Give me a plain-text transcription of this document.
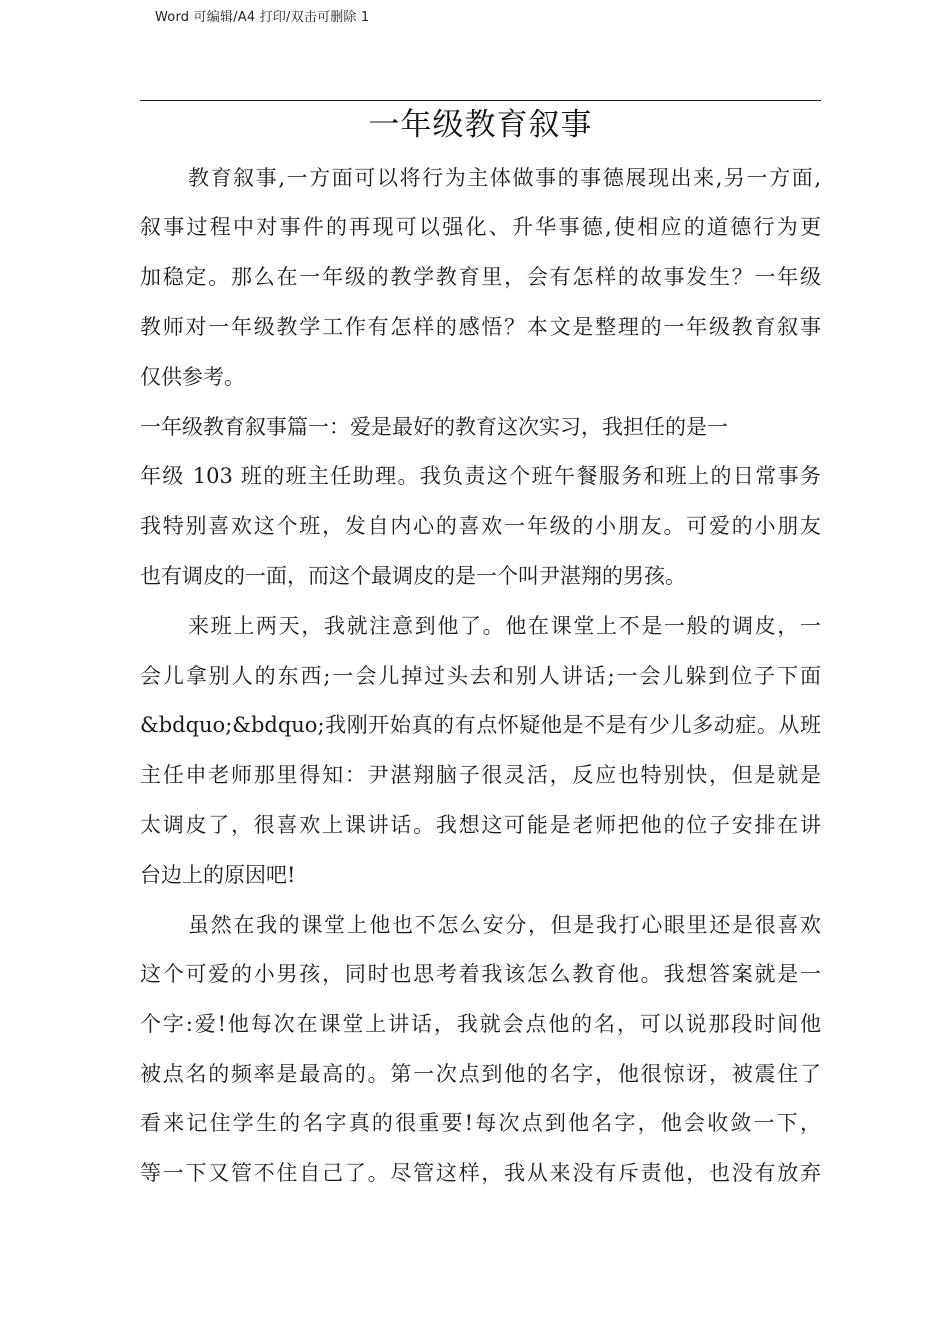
Word 可编辑/A4 打印/双击可删除 1
一年级教育叙事
教育叙事,一方面可以将行为主体做事的事德展现出来,另一方面,
叙事过程中对事件的再现可以强化、升华事德,使相应的道德行为更
加稳定。那么在一年级的教学教育里，会有怎样的故事发生？一年级
教师对一年级教学工作有怎样的感悟？本文是整理的一年级教育叙事
仅供参考。
一年级教育叙事篇一：爱是最好的教育这次实习，我担任的是一
年级 103 班的班主任助理。我负责这个班午餐服务和班上的日常事务
我特别喜欢这个班，发自内心的喜欢一年级的小朋友。可爱的小朋友
也有调皮的一面，而这个最调皮的是一个叫尹湛翔的男孩。
来班上两天，我就注意到他了。他在课堂上不是一般的调皮，一
会儿拿别人的东西;一会儿掉过头去和别人讲话;一会儿躲到位子下面
&bdquo;&bdquo;我刚开始真的有点怀疑他是不是有少儿多动症。从班
主任申老师那里得知：尹湛翔脑子很灵活，反应也特别快，但是就是
太调皮了，很喜欢上课讲话。我想这可能是老师把他的位子安排在讲
台边上的原因吧!
虽然在我的课堂上他也不怎么安分，但是我打心眼里还是很喜欢
这个可爱的小男孩，同时也思考着我该怎么教育他。我想答案就是一
个字:爱!他每次在课堂上讲话，我就会点他的名，可以说那段时间他
被点名的频率是最高的。第一次点到他的名字，他很惊讶，被震住了
看来记住学生的名字真的很重要!每次点到他名字，他会收敛一下，
等一下又管不住自己了。尽管这样，我从来没有斥责他，也没有放弃
